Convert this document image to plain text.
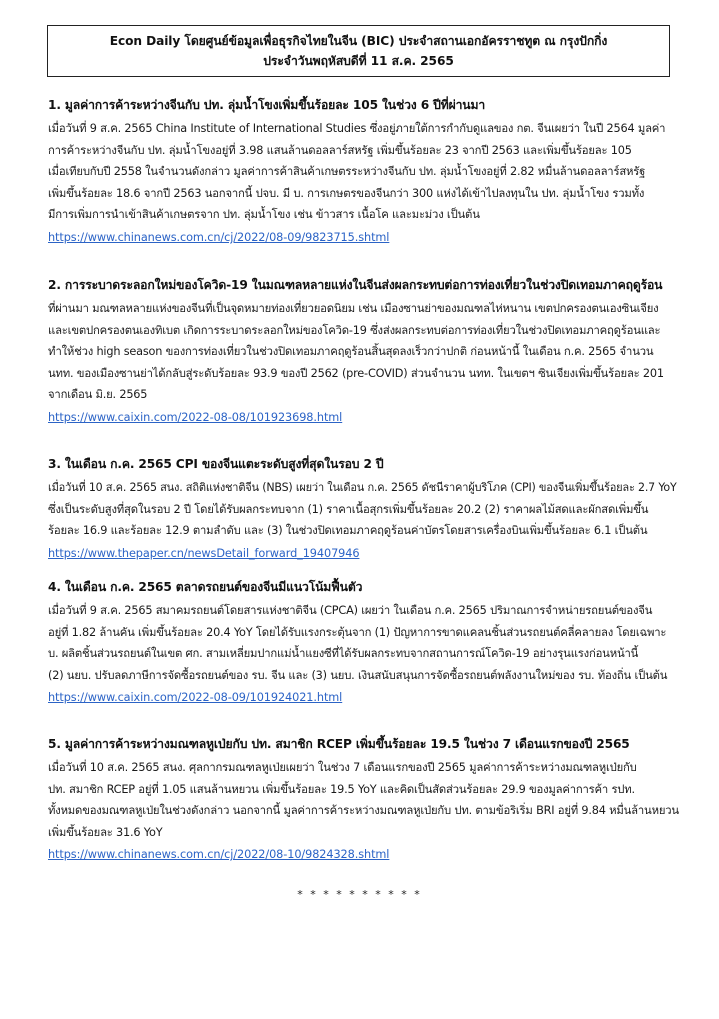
Econ Daily โดยศูนย์ข้อมูลเพื่อธุรกิจไทยในจีน (BIC) ประจำสถานเอกอัครราชทูต ณ กรุงปักกิ่ง
ประจำวันพฤหัสบดีที่ 11 ส.ค. 2565
1. มูลค่าการค้าระหว่างจีนกับ ปท. ลุ่มน้ำโขงเพิ่มขึ้นร้อยละ 105 ในช่วง 6 ปีที่ผ่านมา
เมื่อวันที่ 9 ส.ค. 2565 China Institute of International Studies ซึ่งอยู่ภายใต้การกำกับดูแลของ กต. จีนเผยว่า ในปี 2564 มูลค่า
การค้าระหว่างจีนกับ ปท. ลุ่มน้ำโขงอยู่ที่ 3.98 แสนล้านดอลลาร์สหรัฐ เพิ่มขึ้นร้อยละ 23 จากปี 2563 และเพิ่มขึ้นร้อยละ 105
เมื่อเทียบกับปี 2558 ในจำนวนดังกล่าว มูลค่าการค้าสินค้าเกษตรระหว่างจีนกับ ปท. ลุ่มน้ำโขงอยู่ที่ 2.82 หมื่นล้านดอลลาร์สหรัฐ
เพิ่มขึ้นร้อยละ 18.6 จากปี 2563 นอกจากนี้ ปจบ. มี บ. การเกษตรของจีนกว่า 300 แห่งได้เข้าไปลงทุนใน ปท. ลุ่มน้ำโขง รวมทั้ง
มีการเพิ่มการนำเข้าสินค้าเกษตรจาก ปท. ลุ่มน้ำโขง เช่น ข้าวสาร เนื้อโค และมะม่วง เป็นต้น
https://www.chinanews.com.cn/cj/2022/08-09/9823715.shtml
2. การระบาดระลอกใหม่ของโควิด-19 ในมณฑลหลายแห่งในจีนส่งผลกระทบต่อการท่องเที่ยวในช่วงปิดเทอมภาคฤดูร้อน
ที่ผ่านมา มณฑลหลายแห่งของจีนที่เป็นจุดหมายท่องเที่ยวยอดนิยม เช่น เมืองซานย่าของมณฑลไห่หนาน เขตปกครองตนเองซินเจียง
และเขตปกครองตนเองทิเบต เกิดการระบาดระลอกใหม่ของโควิด-19 ซึ่งส่งผลกระทบต่อการท่องเที่ยวในช่วงปิดเทอมภาคฤดูร้อนและ
ทำให้ช่วง high season ของการท่องเที่ยวในช่วงปิดเทอมภาคฤดูร้อนสิ้นสุดลงเร็วกว่าปกติ ก่อนหน้านี้ ในเดือน ก.ค. 2565 จำนวน
นทท. ของเมืองซานย่าได้กลับสู่ระดับร้อยละ 93.9 ของปี 2562 (pre-COVID) ส่วนจำนวน นทท. ในเขตฯ ซินเจียงเพิ่มขึ้นร้อยละ 201
จากเดือน มิ.ย. 2565
https://www.caixin.com/2022-08-08/101923698.html
3. ในเดือน ก.ค. 2565 CPI ของจีนแตะระดับสูงที่สุดในรอบ 2 ปี
เมื่อวันที่ 10 ส.ค. 2565 สนง. สถิติแห่งชาติจีน (NBS) เผยว่า ในเดือน ก.ค. 2565 ดัชนีราคาผู้บริโภค (CPI) ของจีนเพิ่มขึ้นร้อยละ 2.7 YoY
ซึ่งเป็นระดับสูงที่สุดในรอบ 2 ปี โดยได้รับผลกระทบจาก (1) ราคาเนื้อสุกรเพิ่มขึ้นร้อยละ 20.2 (2) ราคาผลไม้สดและผักสดเพิ่มขึ้น
ร้อยละ 16.9 และร้อยละ 12.9 ตามลำดับ และ (3) ในช่วงปิดเทอมภาคฤดูร้อนค่าบัตรโดยสารเครื่องบินเพิ่มขึ้นร้อยละ 6.1 เป็นต้น
https://www.thepaper.cn/newsDetail_forward_19407946
4. ในเดือน ก.ค. 2565 ตลาดรถยนต์ของจีนมีแนวโน้มฟื้นตัว
เมื่อวันที่ 9 ส.ค. 2565 สมาคมรถยนต์โดยสารแห่งชาติจีน (CPCA) เผยว่า ในเดือน ก.ค. 2565 ปริมาณการจำหน่ายรถยนต์ของจีน
อยู่ที่ 1.82 ล้านคัน เพิ่มขึ้นร้อยละ 20.4 YoY โดยได้รับแรงกระตุ้นจาก (1) ปัญหาการขาดแคลนชิ้นส่วนรถยนต์คลี่คลายลง โดยเฉพาะ
บ. ผลิตชิ้นส่วนรถยนต์ในเขต ศก. สามเหลี่ยมปากแม่น้ำแยงซีที่ได้รับผลกระทบจากสถานการณ์โควิด-19 อย่างรุนแรงก่อนหน้านี้
(2) นยบ. ปรับลดภาษีการจัดซื้อรถยนต์ของ รบ. จีน และ (3) นยบ. เงินสนับสนุนการจัดซื้อรถยนต์พลังงานใหม่ของ รบ. ท้องถิ่น เป็นต้น
https://www.caixin.com/2022-08-09/101924021.html
5. มูลค่าการค้าระหว่างมณฑลหูเป่ยกับ ปท. สมาชิก RCEP เพิ่มขึ้นร้อยละ 19.5 ในช่วง 7 เดือนแรกของปี 2565
เมื่อวันที่ 10 ส.ค. 2565 สนง. ศุลกากรมณฑลหูเป่ยเผยว่า ในช่วง 7 เดือนแรกของปี 2565 มูลค่าการค้าระหว่างมณฑลหูเป่ยกับ
ปท. สมาชิก RCEP อยู่ที่ 1.05 แสนล้านหยวน เพิ่มขึ้นร้อยละ 19.5 YoY และคิดเป็นสัดส่วนร้อยละ 29.9 ของมูลค่าการค้า รปท.
ทั้งหมดของมณฑลหูเป่ยในช่วงดังกล่าว นอกจากนี้ มูลค่าการค้าระหว่างมณฑลหูเป่ยกับ ปท. ตามข้อริเริ่ม BRI อยู่ที่ 9.84 หมื่นล้านหยวน
เพิ่มขึ้นร้อยละ 31.6 YoY
https://www.chinanews.com.cn/cj/2022/08-10/9824328.shtml
* * * * * * * * * *
